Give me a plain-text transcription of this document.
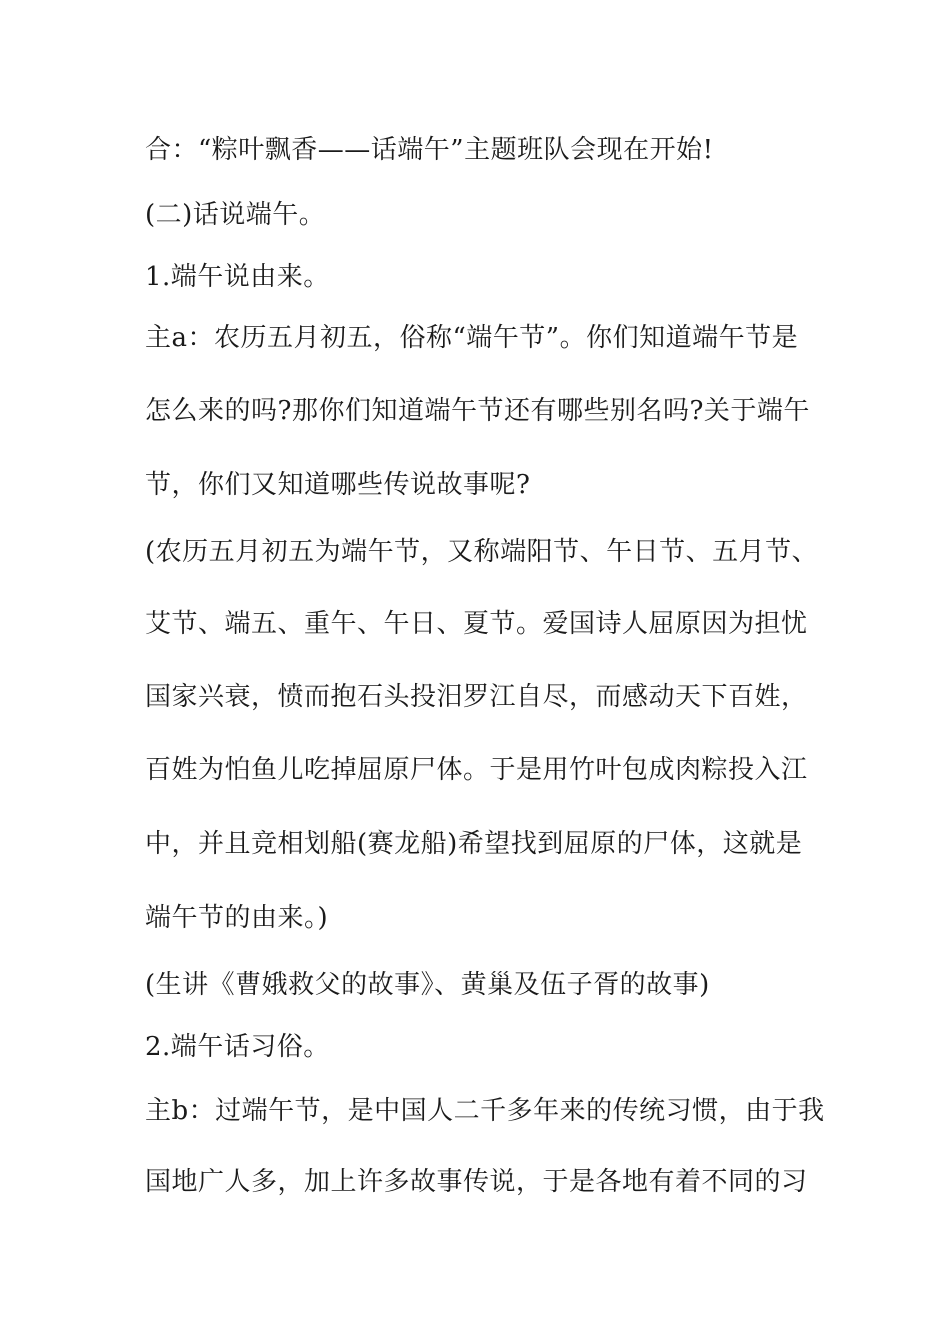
合：“粽叶飘香——话端午”主题班队会现在开始!
(二)话说端午。
1.端午说由来。
主a：农历五月初五，俗称“端午节”。你们知道端午节是
怎么来的吗?那你们知道端午节还有哪些别名吗?关于端午
节，你们又知道哪些传说故事呢?
(农历五月初五为端午节，又称端阳节、午日节、五月节、
艾节、端五、重午、午日、夏节。爱国诗人屈原因为担忧
国家兴衰，愤而抱石头投汨罗江自尽，而感动天下百姓，
百姓为怕鱼儿吃掉屈原尸体。于是用竹叶包成肉粽投入江
中，并且竞相划船(赛龙船)希望找到屈原的尸体，这就是
端午节的由来。)
(生讲《曹娥救父的故事》、黄巢及伍子胥的故事)
2.端午话习俗。
主b：过端午节，是中国人二千多年来的传统习惯，由于我
国地广人多，加上许多故事传说，于是各地有着不同的习
